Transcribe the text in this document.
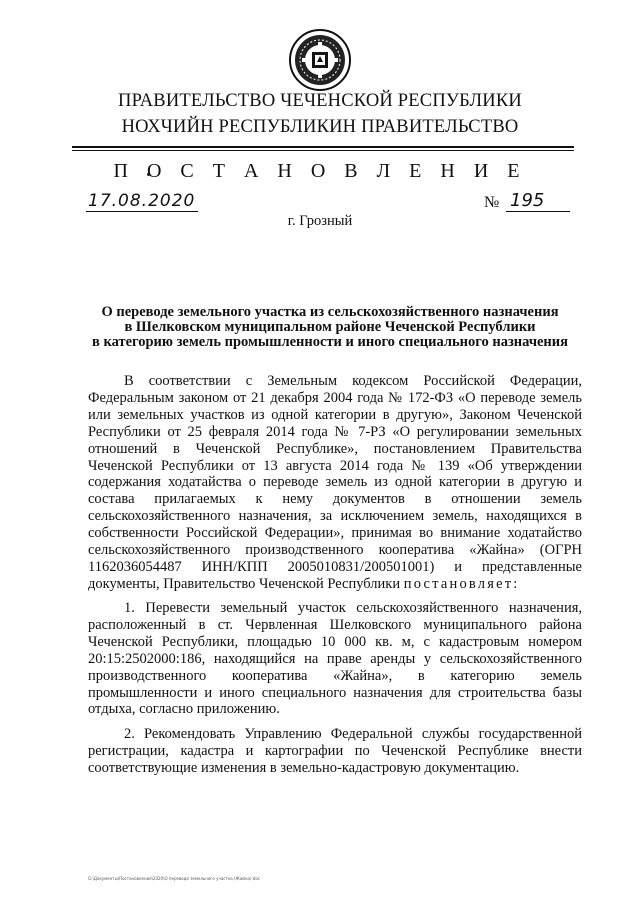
ПРАВИТЕЛЬСТВО ЧЕЧЕНСКОЙ РЕСПУБЛИКИ
НОХЧИЙН РЕСПУБЛИКИН ПРАВИТЕЛЬСТВО
П О С Т А Н О В Л Е Н И Е
17.08.2020	№ 195
г. Грозный
О переводе земельного участка из сельскохозяйственного назначения
в Шелковском муниципальном районе Чеченской Республики
в категорию земель промышленности и иного специального назначения
В соответствии с Земельным кодексом Российской Федерации, Федеральным законом от 21 декабря 2004 года № 172-ФЗ «О переводе земель или земельных участков из одной категории в другую», Законом Чеченской Республики от 25 февраля 2014 года № 7-РЗ «О регулировании земельных отношений в Чеченской Республике», постановлением Правительства Чеченской Республики от 13 августа 2014 года № 139 «Об утверждении содержания ходатайства о переводе земель из одной категории в другую и состава прилагаемых к нему документов в отношении земель сельскохозяйственного назначения, за исключением земель, находящихся в собственности Российской Федерации», принимая во внимание ходатайство сельскохозяйственного производственного кооператива «Жайна» (ОГРН 1162036054487 ИНН/КПП 2005010831/200501001) и представленные документы, Правительство Чеченской Республики постановляет:
1. Перевести земельный участок сельскохозяйственного назначения, расположенный в ст. Червленная Шелковского муниципального района Чеченской Республики, площадью 10 000 кв. м, с кадастровым номером 20:15:2502000:186, находящийся на праве аренды у сельскохозяйственного производственного кооператива «Жайна», в категорию земель промышленности и иного специального назначения для строительства базы отдыха, согласно приложению.
2. Рекомендовать Управлению Федеральной службы государственной регистрации, кадастра и картографии по Чеченской Республике внести соответствующие изменения в земельно-кадастровую документацию.
G:\Документы\Постановления\2020\О переводе земельного участка (Жайна).doc
